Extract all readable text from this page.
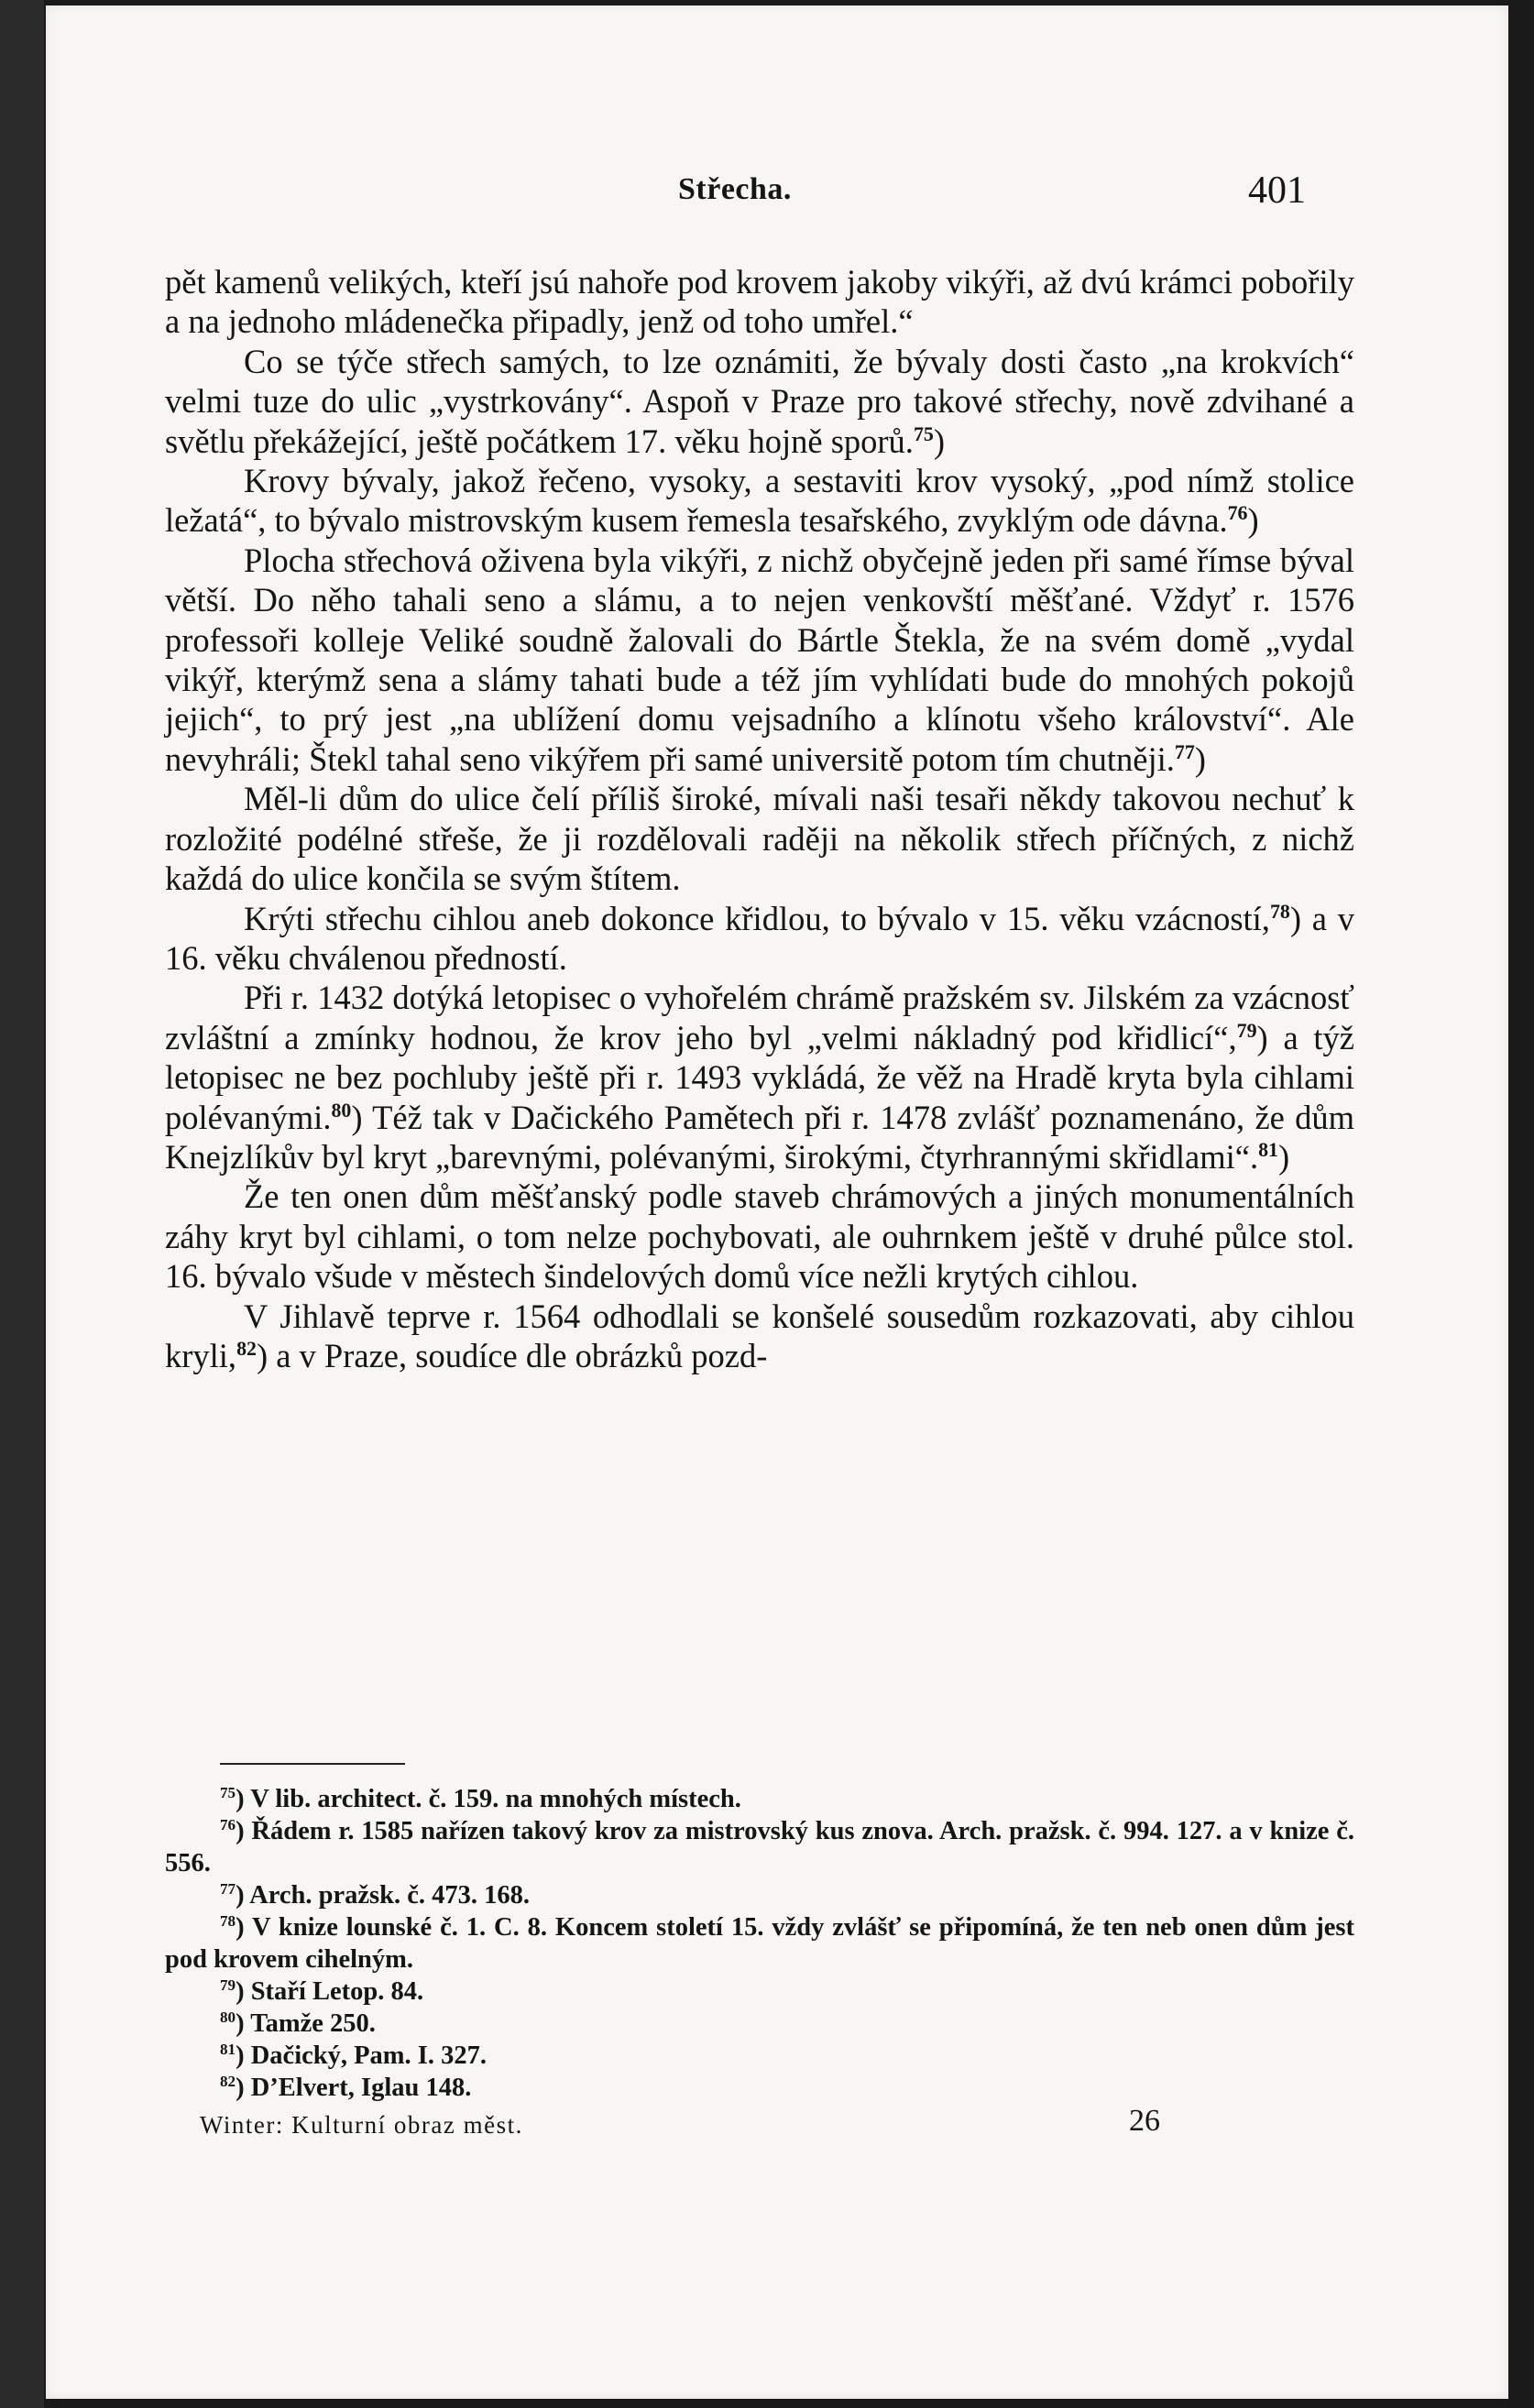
Střecha.	401

pět kamenů velikých, kteří jsú nahoře pod krovem jakoby vikýři, až dvú krámci pobořily a na jednoho mládenečka připadly, jenž od toho umřel.“

Co se týče střech samých, to lze oznámiti, že bývaly dosti často „na krokvích“ velmi tuze do ulic „vystrkovány“. Aspoň v Praze pro takové střechy, nově zdvihané a světlu překážející, ještě počátkem 17. věku hojně sporů.$^{75}$)

Krovy bývaly, jakož řečeno, vysoky, a sestaviti krov vysoký, „pod nímž stolice ležatá“, to bývalo mistrovským kusem řemesla tesařského, zvyklým ode dávna.$^{76}$)

Plocha střechová oživena byla vikýři, z nichž obyčejně jeden při samé římse býval větší. Do něho tahali seno a slámu, a to nejen venkovští měšťané. Vždyť r. 1576 professoři kolleje Veliké soudně žalovali do Bártle Štekla, že na svém domě „vydal vikýř, kterýmž sena a slámy tahati bude a též jím vyhlídati bude do mnohých pokojů jejich“, to prý jest „na ublížení domu vejsadního a klínotu všeho království“. Ale nevyhráli; Štekl tahal seno vikýřem při samé universitě potom tím chutněji.$^{77}$)

Měl-li dům do ulice čelí příliš široké, mívali naši tesaři někdy takovou nechuť k rozložité podélné střeše, že ji rozdělovali raději na několik střech příčných, z nichž každá do ulice končila se svým štítem.

Krýti střechu cihlou aneb dokonce křidlou, to bývalo v 15. věku vzácností,$^{78}$) a v 16. věku chválenou předností.

Při r. 1432 dotýká letopisec o vyhořelém chrámě pražském sv. Jilském za vzácnosť zvláštní a zmínky hodnou, že krov jeho byl „velmi nákladný pod křidlicí“,$^{79}$) a týž letopisec ne bez pochluby ještě při r. 1493 vykládá, že věž na Hradě kryta byla cihlami polévanými.$^{80}$) Též tak v Dačického Pamětech při r. 1478 zvlášť poznamenáno, že dům Knejzlíkův byl kryt „barevnými, polévanými, širokými, čtyrhrannými skřidlami“.$^{81}$)

Že ten onen dům měšťanský podle staveb chrámových a jiných monumentálních záhy kryt byl cihlami, o tom nelze pochybovati, ale ouhrnkem ještě v druhé půlce stol. 16. bývalo všude v městech šindelových domů více nežli krytých cihlou.

V Jihlavě teprve r. 1564 odhodlali se konšelé sousedům rozkazovati, aby cihlou kryli,$^{82}$) a v Praze, soudíce dle obrázků pozd-

$^{75}$) V lib. architect. č. 159. na mnohých místech.

$^{76}$) Řádem r. 1585 nařízen takový krov za mistrovský kus znova. Arch. pražsk. č. 994. 127. a v knize č. 556.

$^{77}$) Arch. pražsk. č. 473. 168.

$^{78}$) V knize lounské č. 1. C. 8. Koncem století 15. vždy zvlášť se připomíná, že ten neb onen dům jest pod krovem cihelným.

$^{79}$) Staří Letop. 84.

$^{80}$) Tamže 250.

$^{81}$) Dačický, Pam. I. 327.

$^{82}$) D’Elvert, Iglau 148.

Winter: Kulturní obraz měst.	26
